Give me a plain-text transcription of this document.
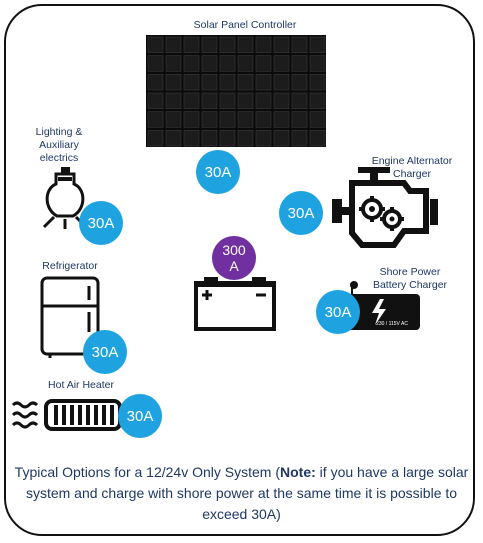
Solar Panel Controller
30A
Lighting &
Auxiliary
electrics
30A
Engine Alternator
Charger
30A
Refrigerator
30A
300
A	Shore Power
Battery Charger
230 / 115V AC
30A
Hot Air Heater
30A
Typical Options for a 12/24v Only System (Note: if you have a large solar system and charge with shore power at the same time it is possible to exceed 30A)
